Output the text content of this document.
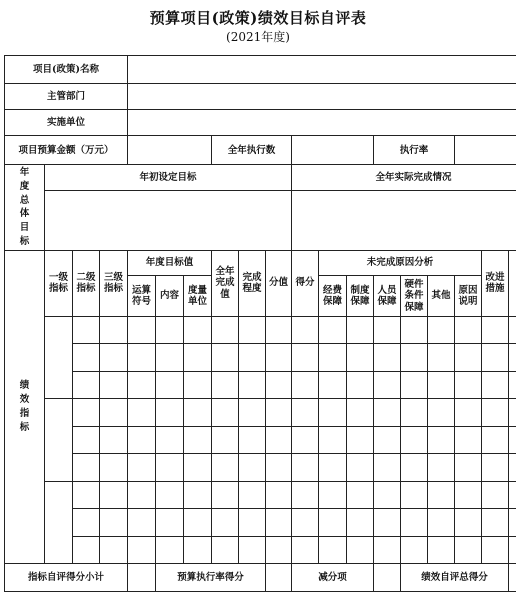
预算项目(政策)绩效目标自评表
(2021年度)
项目(政策)名称																		
主管部门																		
实施单位																		
项目预算金额（万元）							全年执行数						执行率					
年度总体目标	年初设定目标									全年实际完成情况								

绩效指标	一级指标	二级指标	三级指标	年度目标值			全年完成值	完成程度	分值	得分	未完成原因分析						改进措施	
				运算符号	内容	度量单位					经费保障	制度保障	人员保障	硬件条件保障	其他	原因说明		

指标自评得分小计					预算执行率得分					减分项				绩效自评总得分				
